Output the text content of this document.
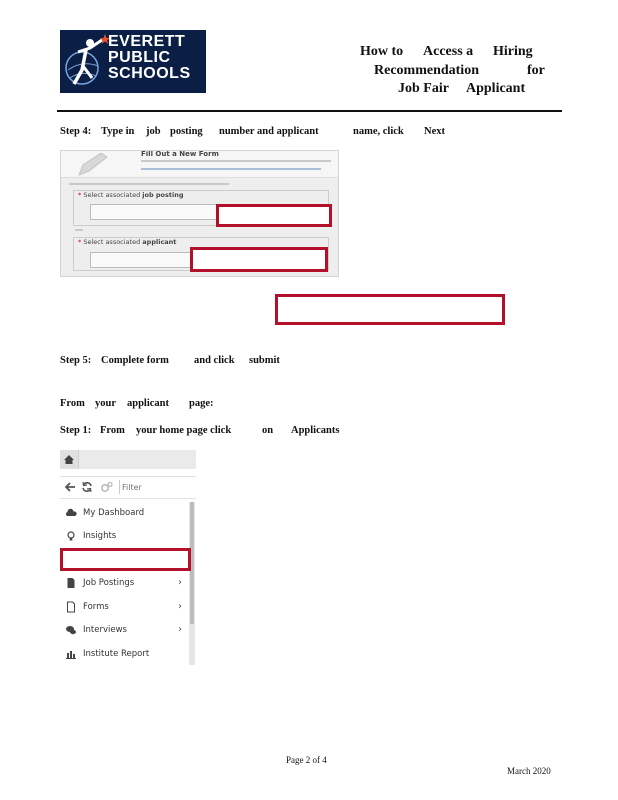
EVERETT
PUBLIC
SCHOOLS
How to Access a Hiring
Recommendation	for
Job Fair Applicant
Step 4: Type in job posting number and applicant	name, click Next
Fill Out a New Form
* Select associated job posting
* Select associated applicant
Step 5: Complete form and click submit
From your applicant page:
Step 1: From your home page click	on Applicants
Filter
My Dashboard
Insights
Job Postings	›
Forms	›
Interviews	›
Institute Report
Page 2 of 4
March 2020
